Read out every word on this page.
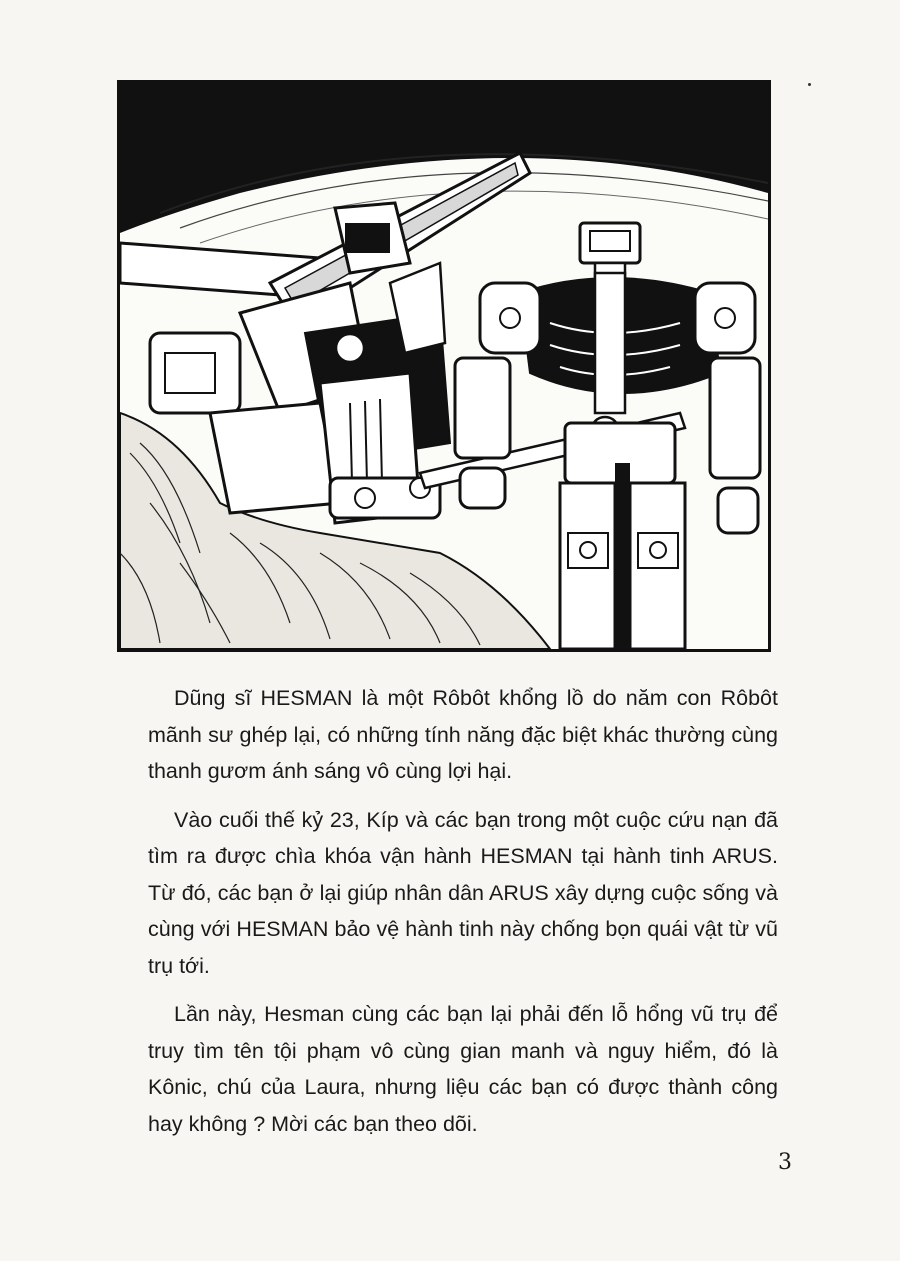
Dũng sĩ HESMAN là một Rôbôt khổng lồ do năm con Rôbôt mãnh sư ghép lại, có những tính năng đặc biệt khác thường cùng thanh gươm ánh sáng vô cùng lợi hại.

Vào cuối thế kỷ 23, Kíp và các bạn trong một cuộc cứu nạn đã tìm ra được chìa khóa vận hành HESMAN tại hành tinh ARUS. Từ đó, các bạn ở lại giúp nhân dân ARUS xây dựng cuộc sống và cùng với HESMAN bảo vệ hành tinh này chống bọn quái vật từ vũ trụ tới.

Lần này, Hesman cùng các bạn lại phải đến lỗ hổng vũ trụ để truy tìm tên tội phạm vô cùng gian manh và nguy hiểm, đó là Kônic, chú của Laura, nhưng liệu các bạn có được thành công hay không ? Mời các bạn theo dõi.

3
